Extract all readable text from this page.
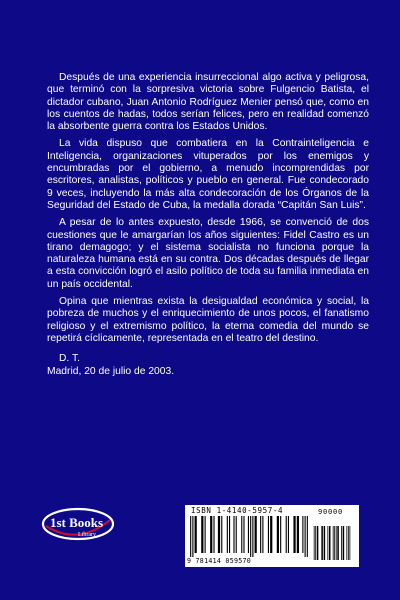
Después de una experiencia insurreccional algo activa y peligrosa, que terminó con la sorpresiva victoria sobre Fulgencio Batista, el dictador cubano, Juan Antonio Rodríguez Menier pensó que, como en los cuentos de hadas, todos serían felices, pero en realidad comenzó la absorbente guerra contra los Estados Unidos.

La vida dispuso que combatiera en la Contrainteligencia e Inteligencia, organizaciones vituperados por los enemigos y encumbradas por el gobierno, a menudo incomprendidas por escritores, analistas, políticos y pueblo en general. Fue condecorado 9 veces, incluyendo la más alta condecoración de los Órganos de la Seguridad del Estado de Cuba, la medalla dorada “Capitán San Luis”.

A pesar de lo antes expuesto, desde 1966, se convenció de dos cuestiones que le amargarían los años siguientes: Fidel Castro es un tirano demagogo; y el sistema socialista no funciona porque la naturaleza humana está en su contra. Dos décadas después de llegar a esta convicción logró el asilo político de toda su familia inmediata en un país occidental.

Opina que mientras exista la desigualdad económica y social, la pobreza de muchos y el enriquecimiento de unos pocos, el fanatismo religioso y el extremismo político, la eterna comedia del mundo se repetirá cíclicamente, representada en el teatro del destino.

D. T.
Madrid, 20 de julio de 2003.
1st Books
Library
ISBN 1-4140-5957-4
9 781414 059570
90000
